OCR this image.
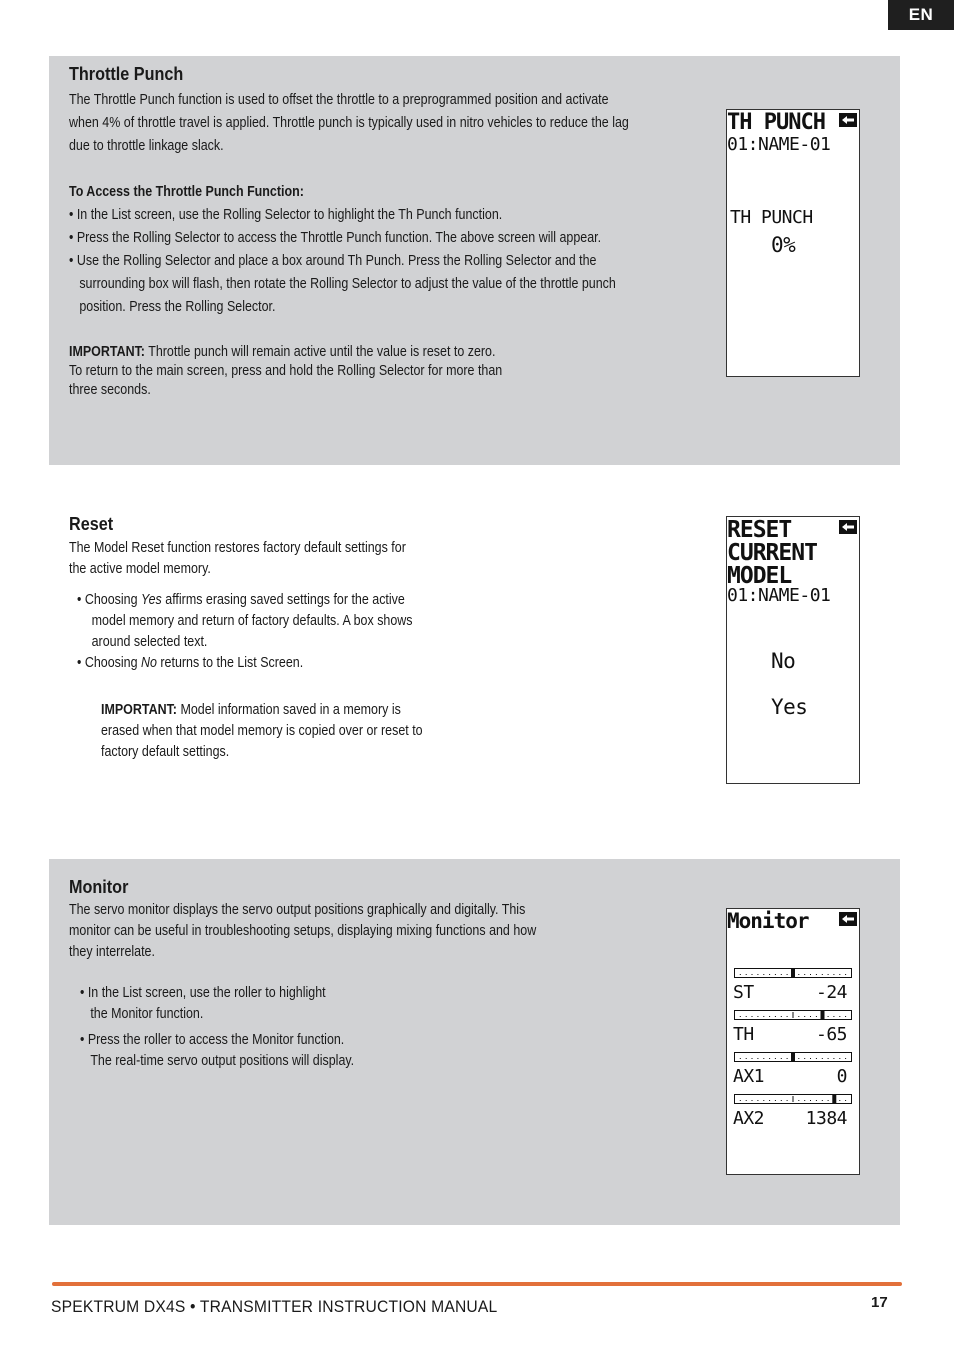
EN
Throttle Punch

The Throttle Punch function is used to offset the throttle to a preprogrammed position and activate

when 4% of throttle travel is applied. Throttle punch is typically used in nitro vehicles to reduce the lag

due to throttle linkage slack.

To Access the Throttle Punch Function:

• In the List screen, use the Rolling Selector to highlight the Th Punch function.

• Press the Rolling Selector to access the Throttle Punch function. The above screen will appear.

• Use the Rolling Selector and place a box around Th Punch. Press the Rolling Selector and the

surrounding box will flash, then rotate the Rolling Selector to adjust the value of the throttle punch

position. Press the Rolling Selector.

IMPORTANT: Throttle punch will remain active until the value is reset to zero.

To return to the main screen, press and hold the Rolling Selector for more than

three seconds.

TH PUNCH
01:NAME-01
TH PUNCH
0%
Reset

The Model Reset function restores factory default settings for

the active model memory.

• Choosing Yes affirms erasing saved settings for the active

model memory and return of factory defaults. A box shows

around selected text.

• Choosing No returns to the List Screen.

IMPORTANT: Model information saved in a memory is

erased when that model memory is copied over or reset to

factory default settings.

RESET
CURRENT
MODEL
01:NAME-01
No
Yes
Monitor

The servo monitor displays the servo output positions graphically and digitally. This

monitor can be useful in troubleshooting setups, displaying mixing functions and how

they interrelate.

• In the List screen, use the roller to highlight

the Monitor function.

• Press the roller to access the Monitor function.

The real-time servo output positions will display.

Monitor
ST	-24
TH	-65
AX1	0
AX2 1384
SPEKTRUM DX4S • TRANSMITTER INSTRUCTION MANUAL	17
